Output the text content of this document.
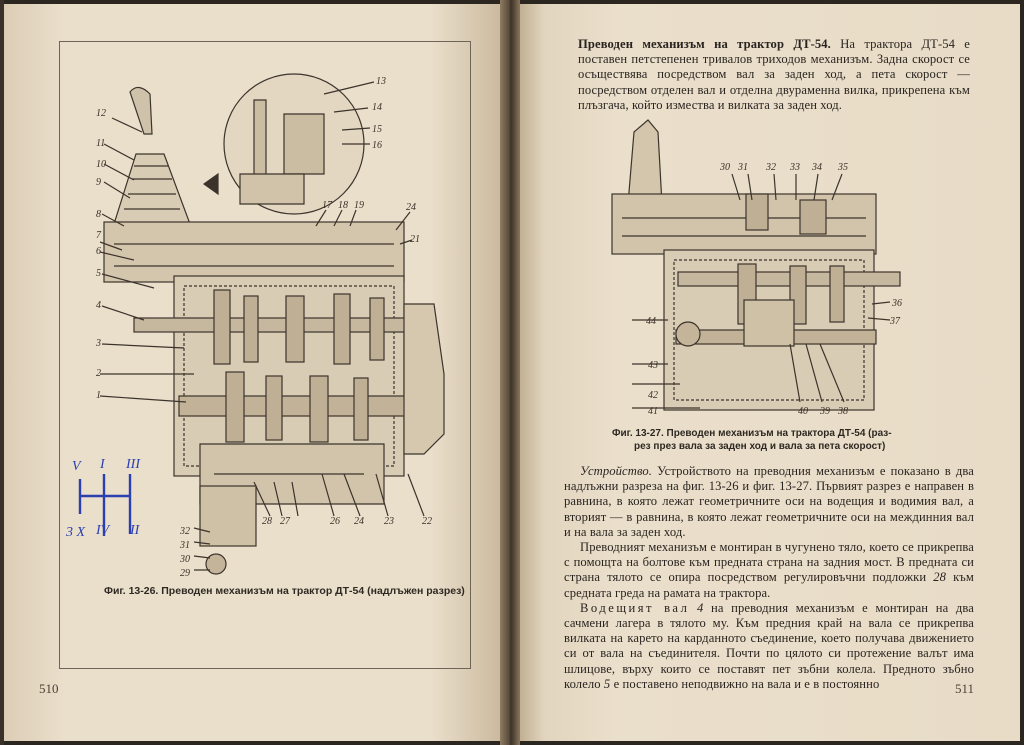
12
11
10
9
8
7
6
5
4
3
2
1
13
14
15
16
17 18 19	24
21
22
23
26
27
28
29
30
31
32
24
V I III
IV II
3 X
Фиг. 13-26. Преводен механизъм на трактор ДТ-54 (надлъжен разрез)
30 31 32 33 34 35
36
37
44
43
42
41	40 39 38
510	511

Преводен механизъм на трактор ДТ-54. На трактора ДТ-54 е поставен петстепенен тривалов триходов механизъм. Задна скорост се осъществява посредством вал за заден ход, а пета скорост — посредством отделен вал и отделна двураменна вилка, прикрепена към плъзгача, който измества и вилката за заден ход.

Фиг. 13-27. Преводен механизъм на трактора ДТ-54 (раз-
рез през вала за заден ход и вала за пета скорост)

Устройство. Устройството на преводния механизъм е показано в два надлъжни разреза на фиг. 13-26 и фиг. 13-27. Първият разрез е направен в равнина, в която лежат геометричните оси на водещия и водимия вал, а вторият — в равнина, в която лежат геометричните оси на междинния вал и на вала за заден ход.

Преводният механизъм е монтиран в чугунено тяло, което се прикрепва с помощта на болтове към предната страна на задния мост. В предната си страна тялото се опира посредством регулировъчни подложки 28 към средната греда на рамата на трактора.

Водещият вал 4 на преводния механизъм е монтиран на два сачмени лагера в тялото му. Към предния край на вала се прикрепва вилката на карето на карданното съединение, което получава движението си от вала на съединителя. Почти по цялото си протежение валът има шлицове, върху които се поставят пет зъбни колела. Предното зъбно колело 5 е поставено неподвижно на вала и е в постоянно
